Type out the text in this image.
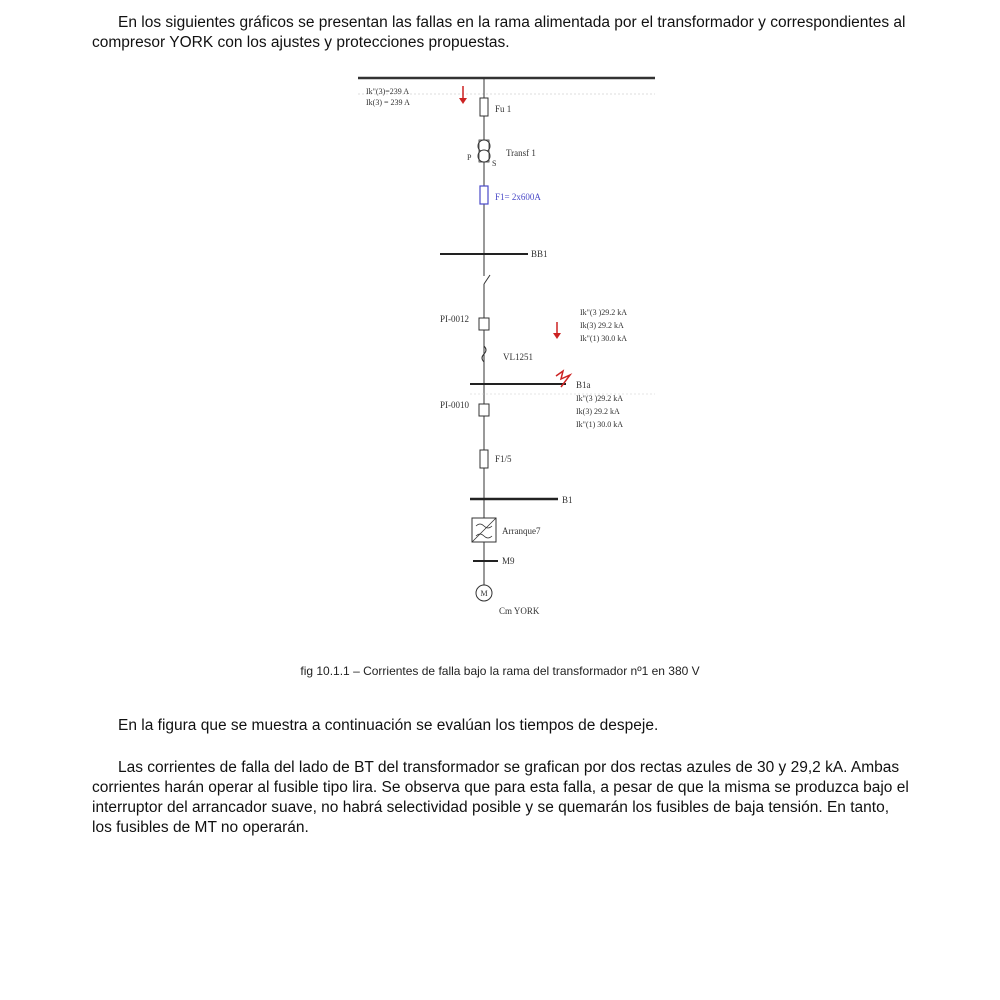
En los siguientes gráficos se presentan las fallas en la rama alimentada por el transformador y correspondientes al compresor YORK con los ajustes y protecciones propuestas.

Ik"(3)=239 A
Ik(3) = 239 A
Fu 1
P
S
Transf 1
F1= 2x600A
BB1
PI-0012
Ik"(3 )29.2 kA
Ik(3) 29.2 kA
Ik"(1) 30.0 kA
VL1251
B1a
Ik"(3 )29.2 kA
Ik(3) 29.2 kA
Ik"(1) 30.0 kA
PI-0010
F1/5
B1
Arranque7
M9
M
Cm YORK
fig 10.1.1 – Corrientes de falla bajo la rama del transformador nº1 en 380 V

En la figura que se muestra a continuación se evalúan los tiempos de despeje.

Las corrientes de falla del lado de BT del transformador se grafican por dos rectas azules de 30 y 29,2 kA. Ambas corrientes harán operar al fusible tipo lira. Se observa que para esta falla, a pesar de que la misma se produzca bajo el interruptor del arrancador suave, no habrá selectividad posible y se quemarán los fusibles de baja tensión. En tanto, los fusibles de MT no operarán.
